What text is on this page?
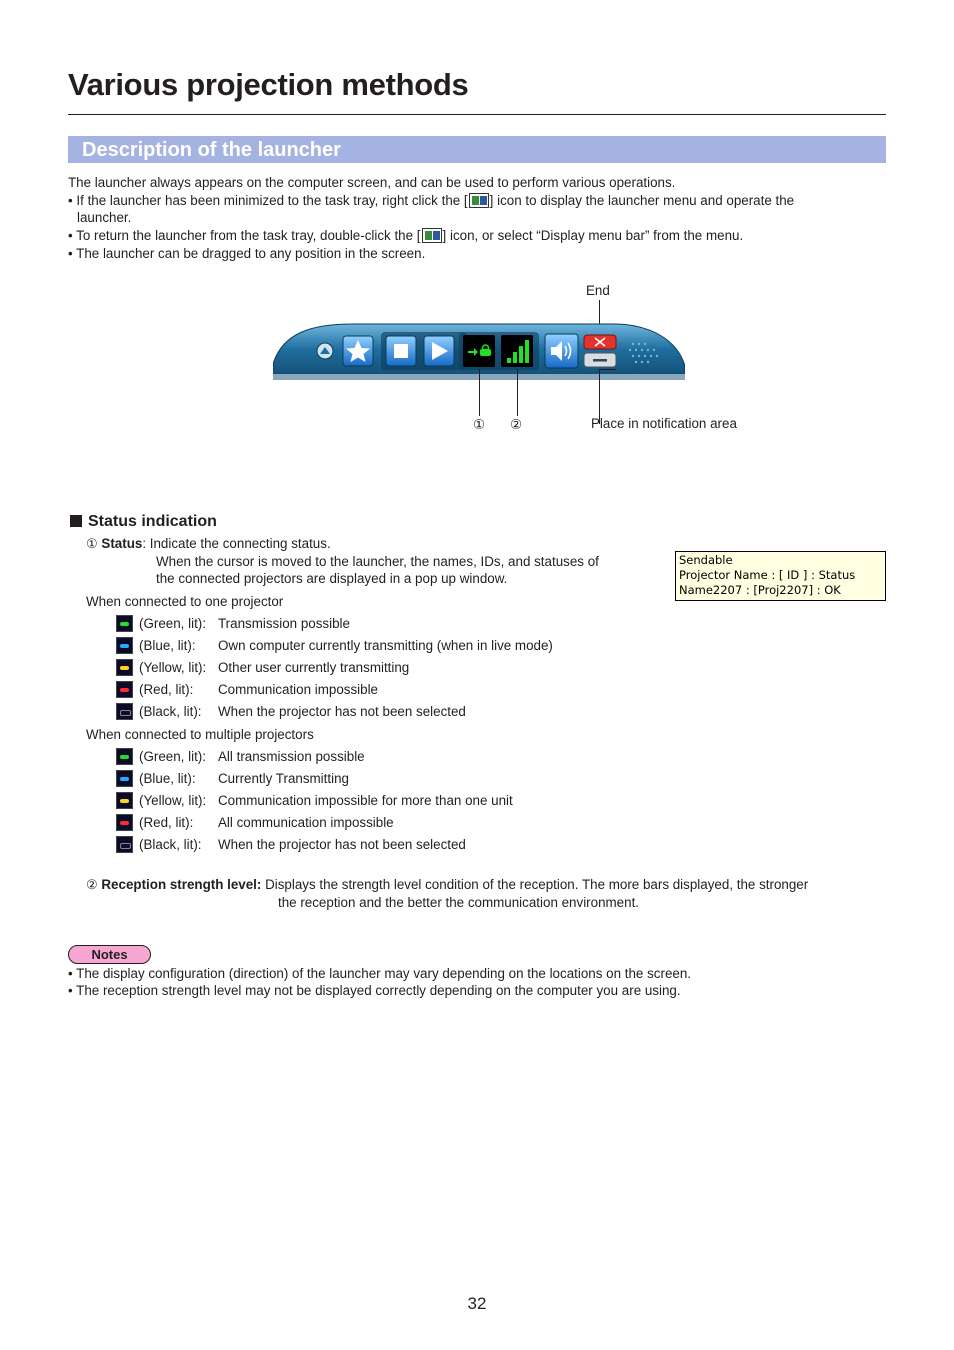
Various projection methods
Description of the launcher
The launcher always appears on the computer screen, and can be used to perform various operations.
• If the launcher has been minimized to the task tray, right click the [ ] icon to display the launcher menu and operate the
launcher.
• To return the launcher from the task tray, double-click the [ ] icon, or select “Display menu bar” from the menu.
• The launcher can be dragged to any position in the screen.
End
Place in notification area
① ②
Status indication
① Status: Indicate the connecting status.
When the cursor is moved to the launcher, the names, IDs, and statuses of
the connected projectors are displayed in a pop up window.
Sendable
Projector Name : [ ID ] : Status
Name2207 : [Proj2207] : OK
When connected to one projector
(Green, lit): Transmission possible
(Blue, lit): Own computer currently transmitting (when in live mode)
(Yellow, lit): Other user currently transmitting
(Red, lit): Communication impossible
(Black, lit): When the projector has not been selected
When connected to multiple projectors
(Green, lit): All transmission possible
(Blue, lit): Currently Transmitting
(Yellow, lit): Communication impossible for more than one unit
(Red, lit): All communication impossible
(Black, lit): When the projector has not been selected
② Reception strength level: Displays the strength level condition of the reception. The more bars displayed, the stronger
the reception and the better the communication environment.
Notes
• The display configuration (direction) of the launcher may vary depending on the locations on the screen.
• The reception strength level may not be displayed correctly depending on the computer you are using.
32
